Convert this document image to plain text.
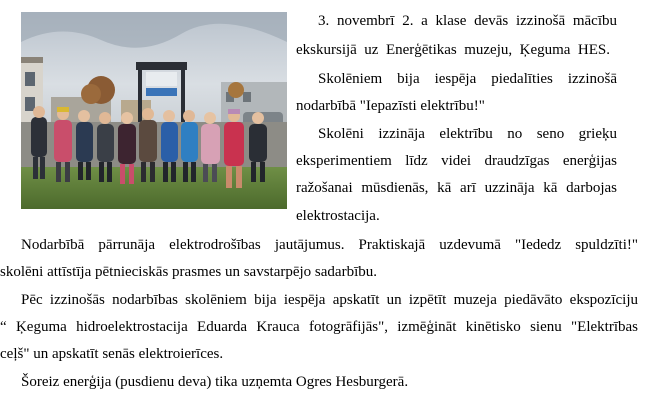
3. novembrī 2. a klase devās izzinošā mācību
ekskursijā uz Enerģētikas muzeju, Ķeguma HES.
Skolēniem bija iespēja piedalīties izzinošā
nodarbībā "Iepazīsti elektrību!"
Skolēni izzināja elektrību no seno grieķu
eksperimentiem līdz videi draudzīgas enerģijas
ražošanai mūsdienās, kā arī uzzināja kā darbojas
elektrostacija.
Nodarbībā pārrunāja elektrodrošības jautājumus. Praktiskajā uzdevumā "Iededz spuldzīti!"
skolēni attīstīja pētnieciskās prasmes un savstarpējo sadarbību.
Pēc izzinošās nodarbības skolēniem bija iespēja apskatīt un izpētīt muzeja piedāvāto ekspozīciju
“ Ķeguma hidroelektrostacija Eduarda Krauca fotogrāfijās", izmēģināt kinētisko sienu "Elektrības
ceļš" un apskatīt senās elektroierīces.
Šoreiz enerģija (pusdienu deva) tika uzņemta Ogres Hesburgerā.
